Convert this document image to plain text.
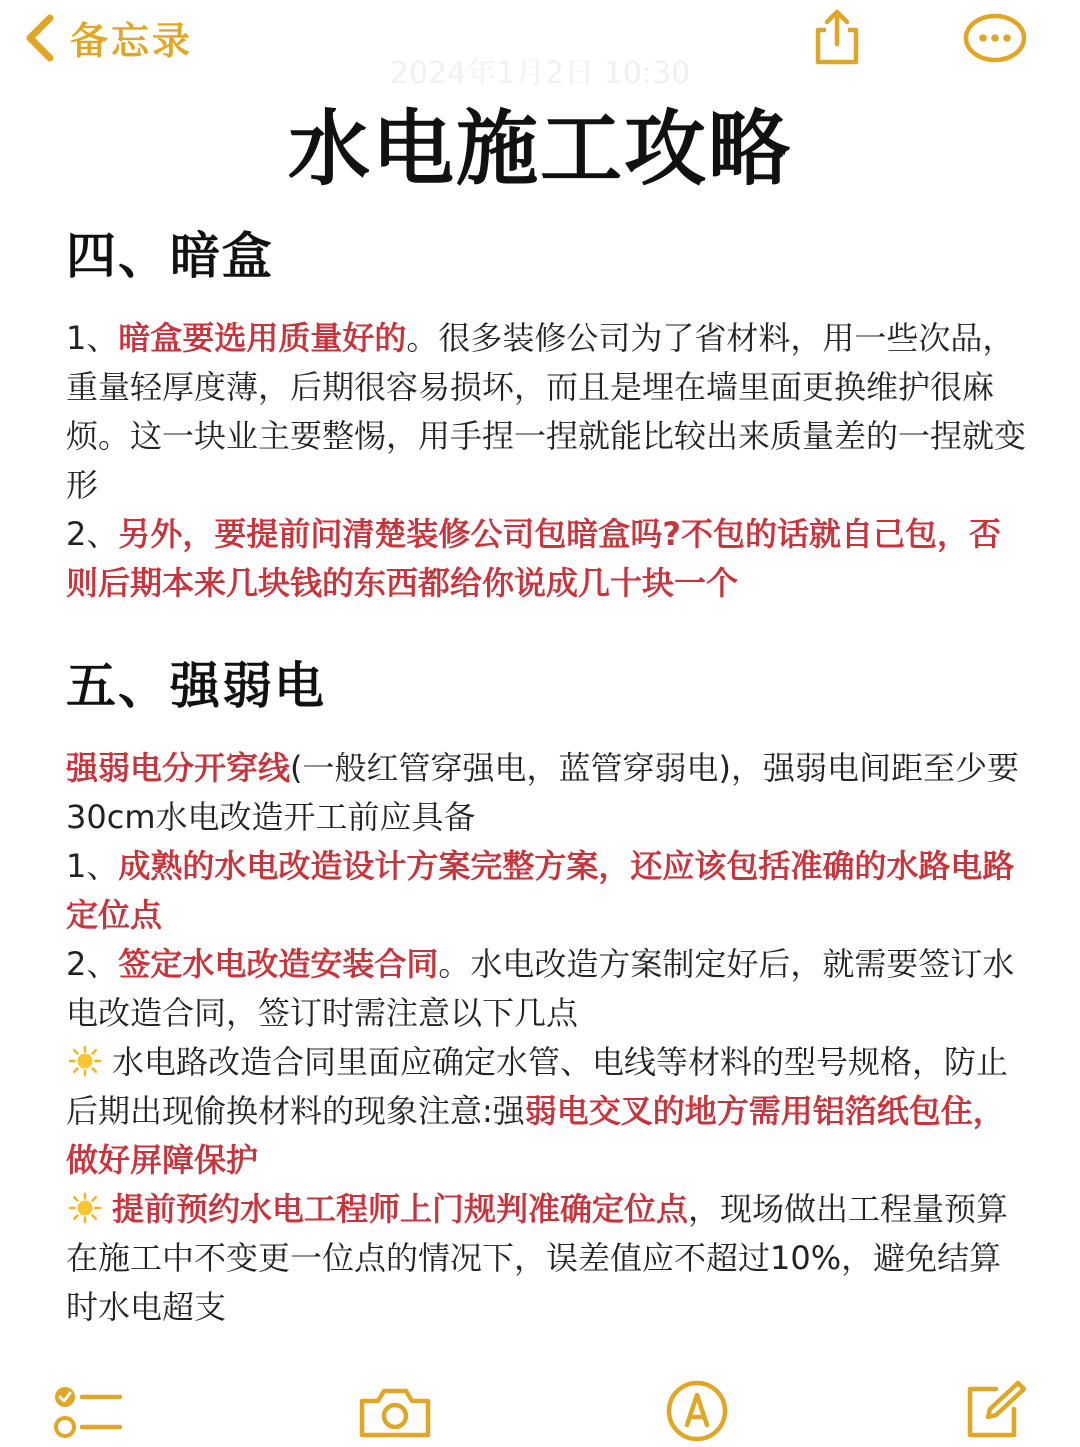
备忘录
2024年1月2日 10:30
水电施工攻略
四、暗盒
1、暗盒要选用质量好的。很多装修公司为了省材料，用一些次品，重量轻厚度薄，后期很容易损坏，而且是埋在墙里面更换维护很麻烦。这一块业主要整惕，用手捏一捏就能比较出来质量差的一捏就变形
2、另外，要提前问清楚装修公司包暗盒吗?不包的话就自己包，否则后期本来几块钱的东西都给你说成几十块一个
五、强弱电
强弱电分开穿线(一般红管穿强电，蓝管穿弱电)，强弱电间距至少要30cm水电改造开工前应具备
1、成熟的水电改造设计方案完整方案，还应该包括准确的水路电路定位点
2、签定水电改造安装合同。水电改造方案制定好后，就需要签订水电改造合同，签订时需注意以下几点
水电路改造合同里面应确定水管、电线等材料的型号规格，防止后期出现偷换材料的现象注意:强弱电交叉的地方需用铝箔纸包住，做好屏障保护
提前预约水电工程师上门规判准确定位点，现场做出工程量预算在施工中不变更一位点的情况下，误差值应不超过10%，避免结算时水电超支
